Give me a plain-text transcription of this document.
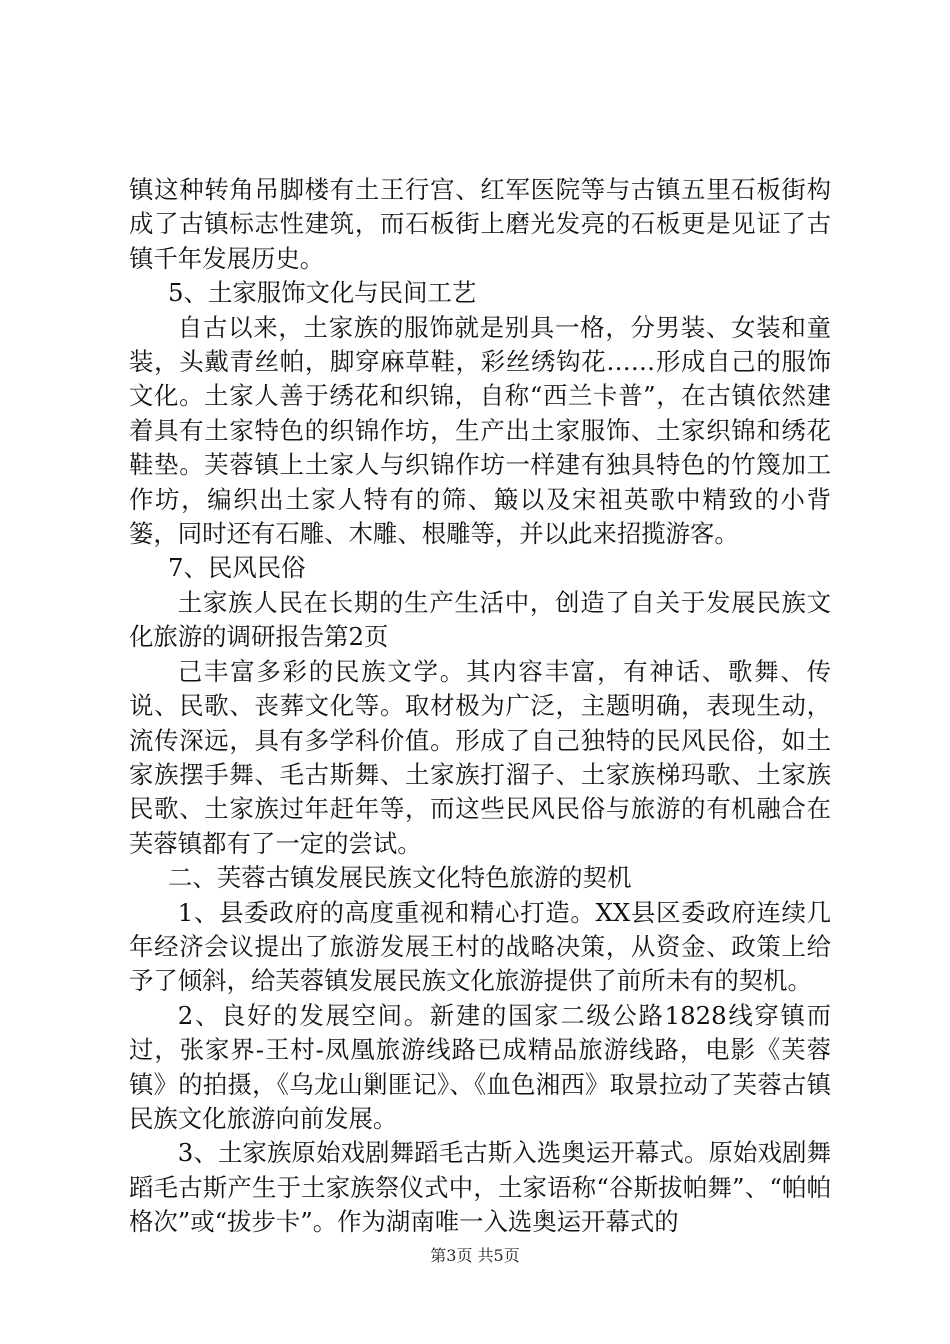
镇这种转角吊脚楼有土王行宫、红军医院等与古镇五里石板街构成了古镇标志性建筑，而石板街上磨光发亮的石板更是见证了古镇千年发展历史。

5、土家服饰文化与民间工艺

自古以来，土家族的服饰就是别具一格，分男装、女装和童装，头戴青丝帕，脚穿麻草鞋，彩丝绣钩花……形成自己的服饰文化。土家人善于绣花和织锦，自称“西兰卡普”，在古镇依然建着具有土家特色的织锦作坊，生产出土家服饰、土家织锦和绣花鞋垫。芙蓉镇上土家人与织锦作坊一样建有独具特色的竹篾加工作坊，编织出土家人特有的筛、簸以及宋祖英歌中精致的小背篓，同时还有石雕、木雕、根雕等，并以此来招揽游客。

7、民风民俗

土家族人民在长期的生产生活中，创造了自关于发展民族文化旅游的调研报告第2页

己丰富多彩的民族文学。其内容丰富，有神话、歌舞、传说、民歌、丧葬文化等。取材极为广泛，主题明确，表现生动，流传深远，具有多学科价值。形成了自己独特的民风民俗，如土家族摆手舞、毛古斯舞、土家族打溜子、土家族梯玛歌、土家族民歌、土家族过年赶年等，而这些民风民俗与旅游的有机融合在芙蓉镇都有了一定的尝试。

二、芙蓉古镇发展民族文化特色旅游的契机

1、县委政府的高度重视和精心打造。XX县区委政府连续几年经济会议提出了旅游发展王村的战略决策，从资金、政策上给予了倾斜，给芙蓉镇发展民族文化旅游提供了前所未有的契机。

2、良好的发展空间。新建的国家二级公路1828线穿镇而过，张家界-王村-凤凰旅游线路已成精品旅游线路，电影《芙蓉镇》的拍摄，《乌龙山剿匪记》、《血色湘西》取景拉动了芙蓉古镇民族文化旅游向前发展。

3、土家族原始戏剧舞蹈毛古斯入选奥运开幕式。原始戏剧舞蹈毛古斯产生于土家族祭仪式中，土家语称“谷斯拔帕舞”、“帕帕格次”或“拔步卡”。作为湖南唯一入选奥运开幕式的

第3页 共5页
